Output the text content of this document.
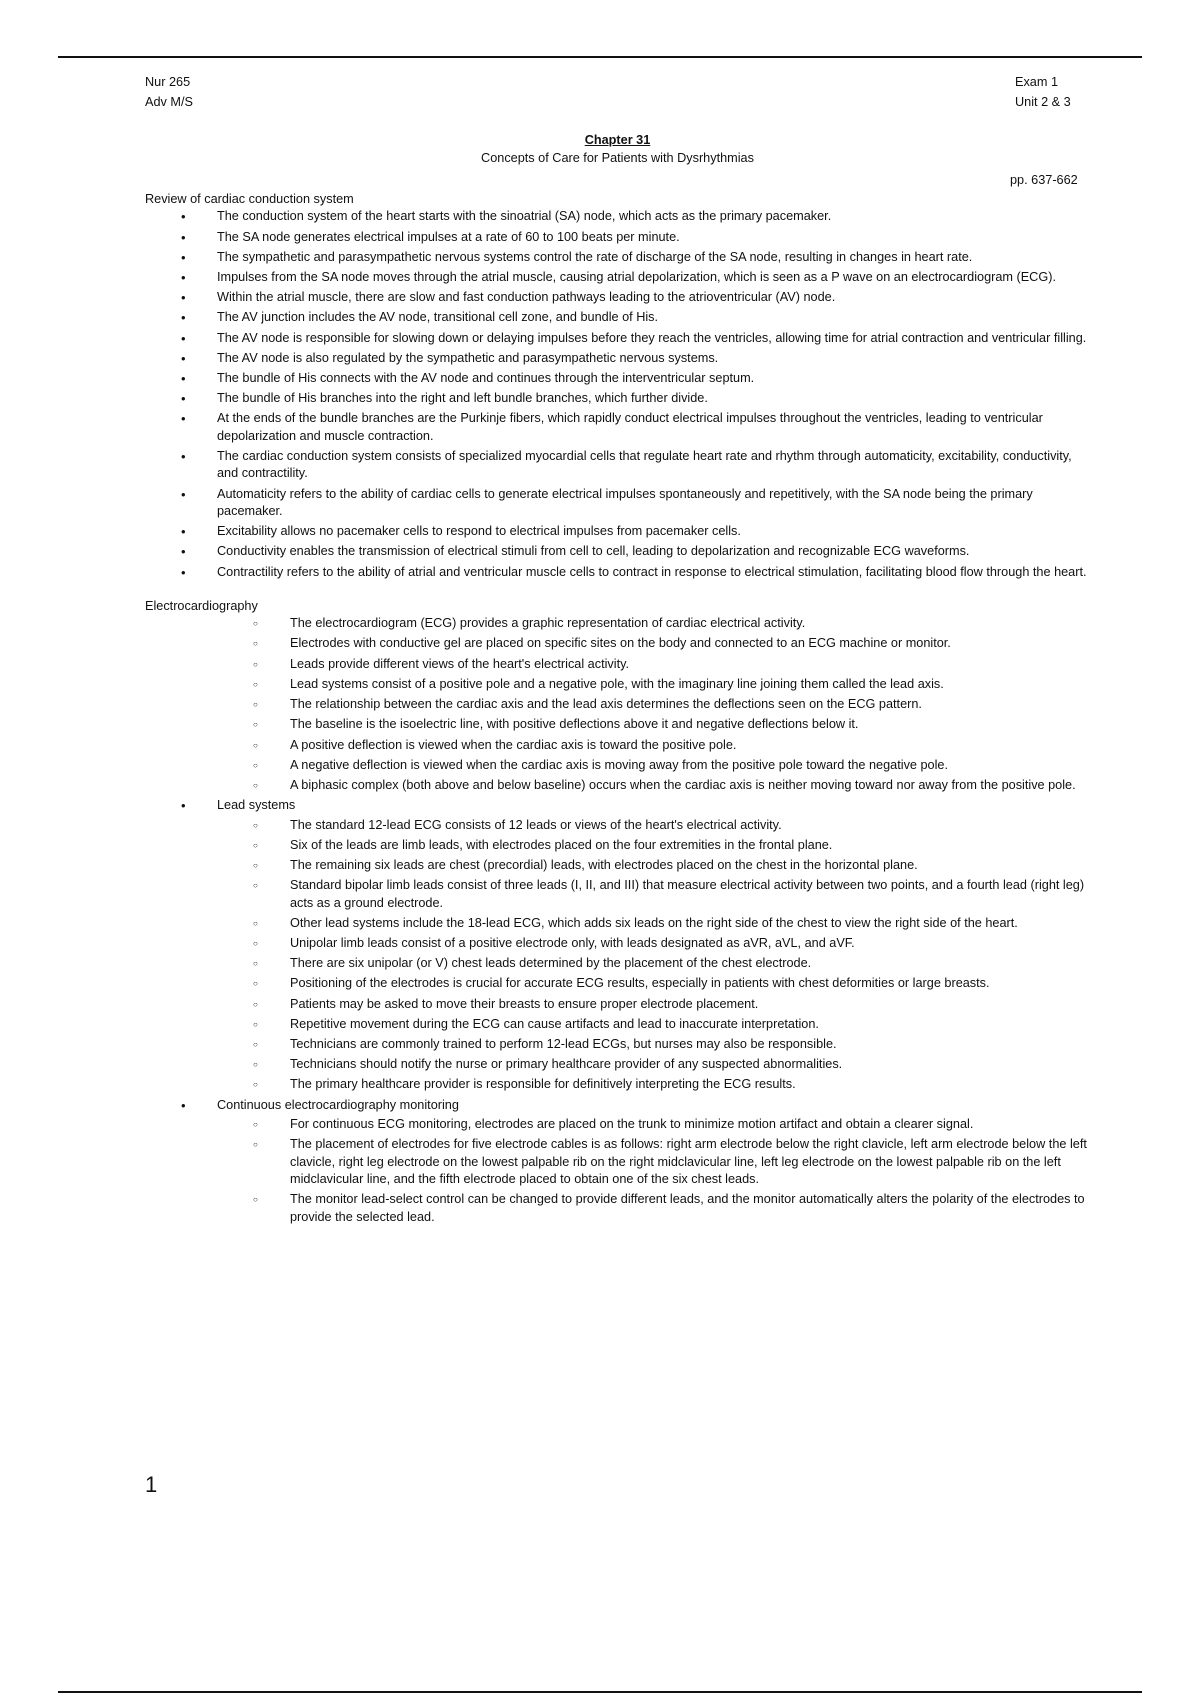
Nur 265
Adv M/S
Exam 1
Unit 2 & 3
Chapter 31
Concepts of Care for Patients with Dysrhythmias
pp. 637-662
Review of cardiac conduction system
• The conduction system of the heart starts with the sinoatrial (SA) node, which acts as the primary pacemaker.
• The SA node generates electrical impulses at a rate of 60 to 100 beats per minute.
• The sympathetic and parasympathetic nervous systems control the rate of discharge of the SA node, resulting in changes in heart rate.
• Impulses from the SA node moves through the atrial muscle, causing atrial depolarization, which is seen as a P wave on an electrocardiogram (ECG).
• Within the atrial muscle, there are slow and fast conduction pathways leading to the atrioventricular (AV) node.
• The AV junction includes the AV node, transitional cell zone, and bundle of His.
• The AV node is responsible for slowing down or delaying impulses before they reach the ventricles, allowing time for atrial contraction and ventricular filling.
• The AV node is also regulated by the sympathetic and parasympathetic nervous systems.
• The bundle of His connects with the AV node and continues through the interventricular septum.
• The bundle of His branches into the right and left bundle branches, which further divide.
• At the ends of the bundle branches are the Purkinje fibers, which rapidly conduct electrical impulses throughout the ventricles, leading to ventricular depolarization and muscle contraction.
• The cardiac conduction system consists of specialized myocardial cells that regulate heart rate and rhythm through automaticity, excitability, conductivity, and contractility.
• Automaticity refers to the ability of cardiac cells to generate electrical impulses spontaneously and repetitively, with the SA node being the primary pacemaker.
• Excitability allows no pacemaker cells to respond to electrical impulses from pacemaker cells.
• Conductivity enables the transmission of electrical stimuli from cell to cell, leading to depolarization and recognizable ECG waveforms.
• Contractility refers to the ability of atrial and ventricular muscle cells to contract in response to electrical stimulation, facilitating blood flow through the heart.
Electrocardiography
○ The electrocardiogram (ECG) provides a graphic representation of cardiac electrical activity.
○ Electrodes with conductive gel are placed on specific sites on the body and connected to an ECG machine or monitor.
○ Leads provide different views of the heart's electrical activity.
○ Lead systems consist of a positive pole and a negative pole, with the imaginary line joining them called the lead axis.
○ The relationship between the cardiac axis and the lead axis determines the deflections seen on the ECG pattern.
○ The baseline is the isoelectric line, with positive deflections above it and negative deflections below it.
○ A positive deflection is viewed when the cardiac axis is toward the positive pole.
○ A negative deflection is viewed when the cardiac axis is moving away from the positive pole toward the negative pole.
○ A biphasic complex (both above and below baseline) occurs when the cardiac axis is neither moving toward nor away from the positive pole.
• Lead systems
○ The standard 12-lead ECG consists of 12 leads or views of the heart's electrical activity.
○ Six of the leads are limb leads, with electrodes placed on the four extremities in the frontal plane.
○ The remaining six leads are chest (precordial) leads, with electrodes placed on the chest in the horizontal plane.
○ Standard bipolar limb leads consist of three leads (I, II, and III) that measure electrical activity between two points, and a fourth lead (right leg) acts as a ground electrode.
○ Other lead systems include the 18-lead ECG, which adds six leads on the right side of the chest to view the right side of the heart.
○ Unipolar limb leads consist of a positive electrode only, with leads designated as aVR, aVL, and aVF.
○ There are six unipolar (or V) chest leads determined by the placement of the chest electrode.
○ Positioning of the electrodes is crucial for accurate ECG results, especially in patients with chest deformities or large breasts.
○ Patients may be asked to move their breasts to ensure proper electrode placement.
○ Repetitive movement during the ECG can cause artifacts and lead to inaccurate interpretation.
○ Technicians are commonly trained to perform 12-lead ECGs, but nurses may also be responsible.
○ Technicians should notify the nurse or primary healthcare provider of any suspected abnormalities.
○ The primary healthcare provider is responsible for definitively interpreting the ECG results.
• Continuous electrocardiography monitoring
○ For continuous ECG monitoring, electrodes are placed on the trunk to minimize motion artifact and obtain a clearer signal.
○ The placement of electrodes for five electrode cables is as follows: right arm electrode below the right clavicle, left arm electrode below the left clavicle, right leg electrode on the lowest palpable rib on the right midclavicular line, left leg electrode on the lowest palpable rib on the left midclavicular line, and the fifth electrode placed to obtain one of the six chest leads.
○ The monitor lead-select control can be changed to provide different leads, and the monitor automatically alters the polarity of the electrodes to provide the selected lead.
1
